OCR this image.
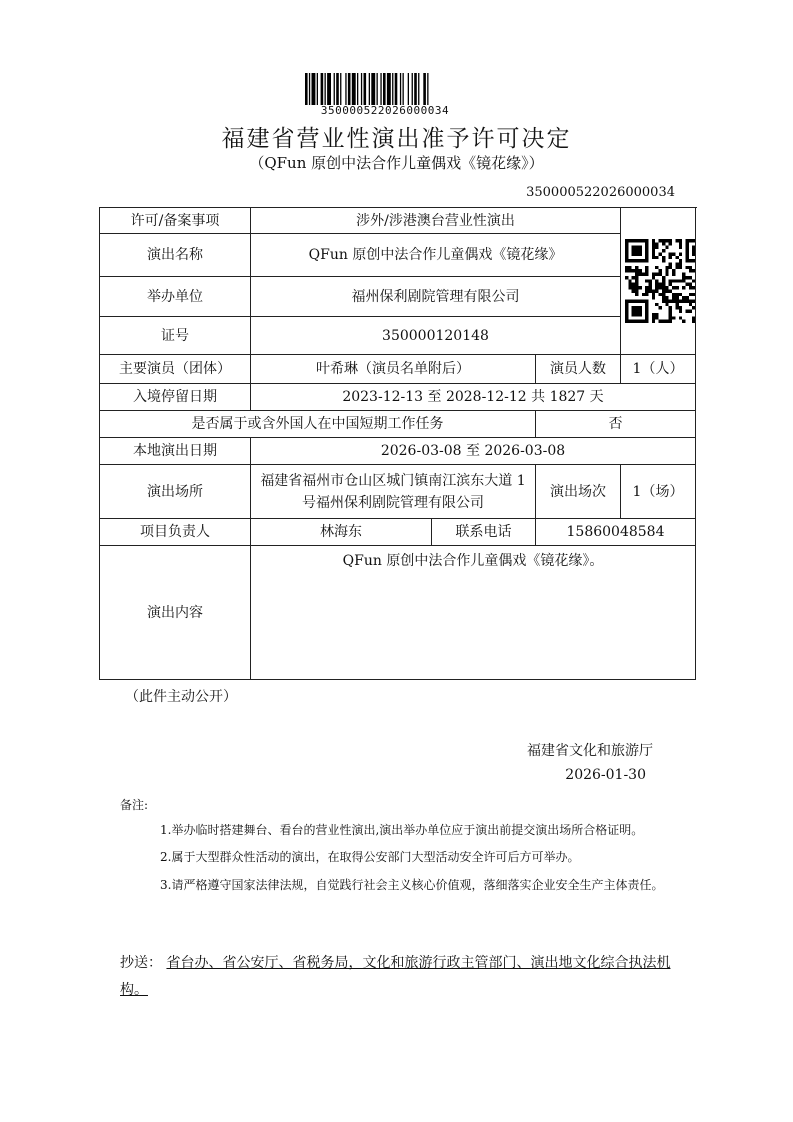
350000522026000034
福建省营业性演出准予许可决定
（QFun 原创中法合作儿童偶戏《镜花缘》）
350000522026000034
许可/备案事项	涉外/涉港澳台营业性演出	

演出名称	QFun 原创中法合作儿童偶戏《镜花缘》			
举办单位	福州保利剧院管理有限公司			
证号	350000120148			
主要演员（团体）	叶希琳（演员名单附后）		演员人数	1（人）
入境停留日期	2023-12-13 至 2028-12-12 共 1827 天			
是否属于或含外国人在中国短期工作任务			否	
本地演出日期	2026-03-08 至 2026-03-08			
演出场所	福建省福州市仓山区城门镇南江滨东大道 1 号福州保利剧院管理有限公司		演出场次	1（场）
项目负责人	林海东	联系电话	15860048584	
演出内容	QFun 原创中法合作儿童偶戏《镜花缘》。			
（此件主动公开）
福建省文化和旅游厅
2026-01-30
备注:
1.举办临时搭建舞台、看台的营业性演出,演出举办单位应于演出前提交演出场所合格证明。
2.属于大型群众性活动的演出，在取得公安部门大型活动安全许可后方可举办。
3.请严格遵守国家法律法规，自觉践行社会主义核心价值观，落细落实企业安全生产主体责任。
抄送： 省台办、省公安厅、省税务局，文化和旅游行政主管部门、演出地文化综合执法机构。
